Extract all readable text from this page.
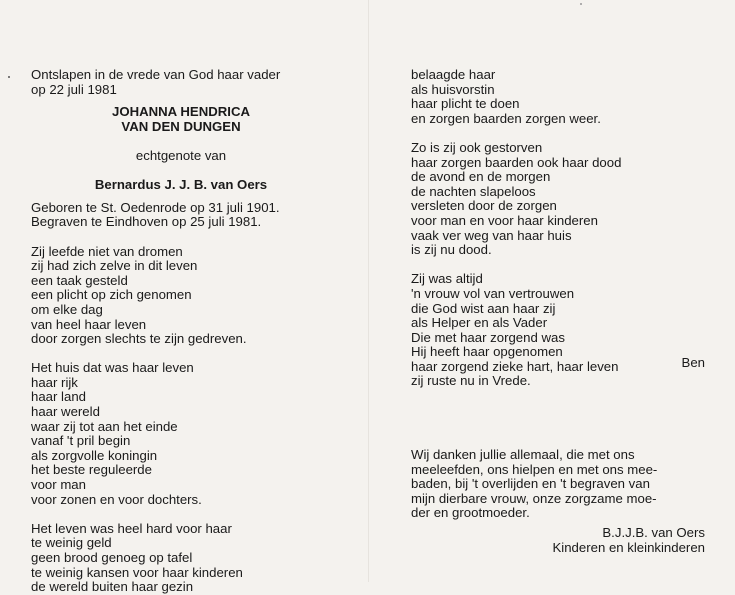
Ontslapen in de vrede van God haar vader
op 22 juli 1981
JOHANNA HENDRICA
VAN DEN DUNGEN
echtgenote van
Bernardus J. J. B. van Oers
Geboren te St. Oedenrode op 31 juli 1901.
Begraven te Eindhoven op 25 juli 1981.
Zij leefde niet van dromen
zij had zich zelve in dit leven
een taak gesteld
een plicht op zich genomen
om elke dag
van heel haar leven
door zorgen slechts te zijn gedreven.
Het huis dat was haar leven
haar rijk
haar land
haar wereld
waar zij tot aan het einde
vanaf 't pril begin
als zorgvolle koningin
het beste reguleerde
voor man
voor zonen en voor dochters.
Het leven was heel hard voor haar
te weinig geld
geen brood genoeg op tafel
te weinig kansen voor haar kinderen
de wereld buiten haar gezin
belaagde haar
als huisvorstin
haar plicht te doen
en zorgen baarden zorgen weer.
Zo is zij ook gestorven
haar zorgen baarden ook haar dood
de avond en de morgen
de nachten slapeloos
versleten door de zorgen
voor man en voor haar kinderen
vaak ver weg van haar huis
is zij nu dood.
Zij was altijd
'n vrouw vol van vertrouwen
die God wist aan haar zij
als Helper en als Vader
Die met haar zorgend was
Hij heeft haar opgenomen
haar zorgend zieke hart, haar leven
zij ruste nu in Vrede.
Ben
Wij danken jullie allemaal, die met ons
meeleefden, ons hielpen en met ons mee-
baden, bij 't overlijden en 't begraven van
mijn dierbare vrouw, onze zorgzame moe-
der en grootmoeder.
B.J.J.B. van Oers
Kinderen en kleinkinderen
